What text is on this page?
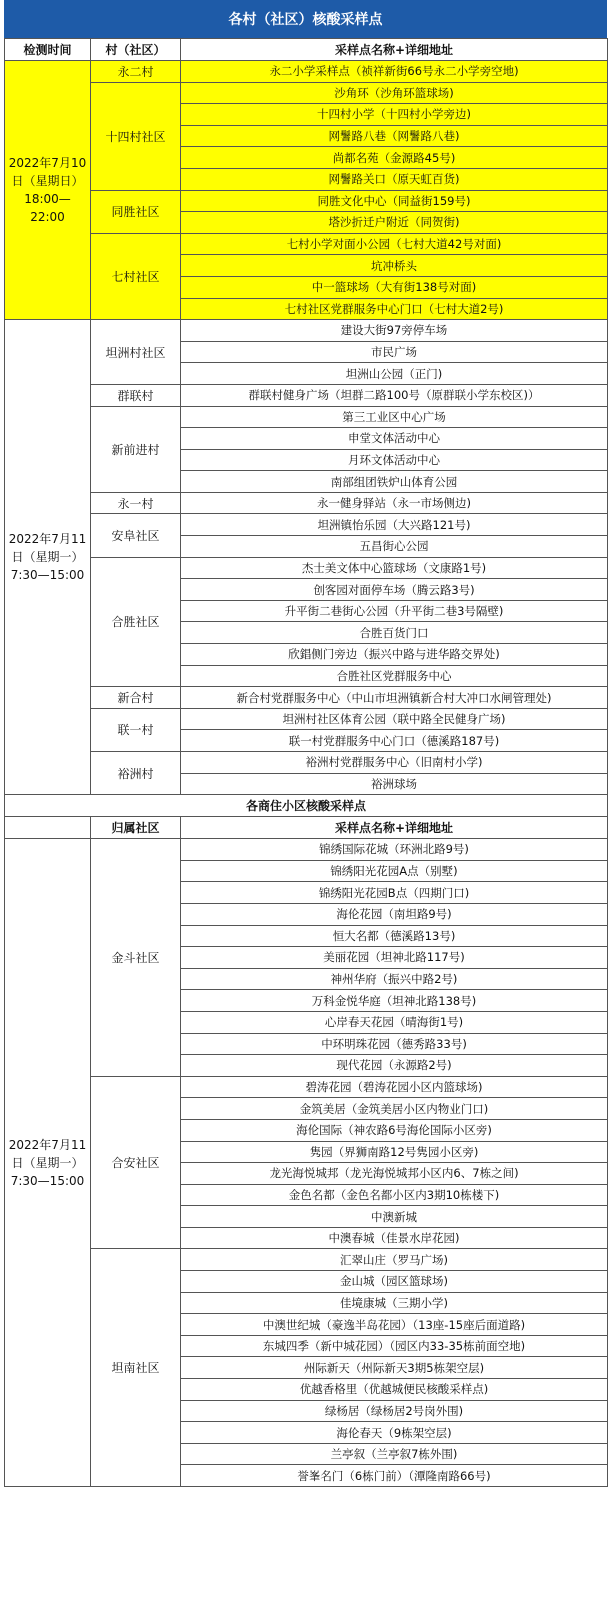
各村（社区）核酸采样点
检测时间	村（社区）	采样点名称+详细地址
2022年7月10日（星期日）18:00—22:00	永二村	永二小学采样点（祯祥新街66号永二小学旁空地)
	十四村社区	沙角环（沙角环篮球场)
		十四村小学（十四村小学旁边)
		网鬐路八巷（网鬐路八巷)
		尚都名苑（金源路45号)
		网鬐路关口（原天虹百货)
	同胜社区	同胜文化中心（同益街159号)
		塔沙折迁户附近（同贺街)
	七村社区	七村小学对面小公园（七村大道42号对面)
		坑冲桥头
		中一篮球场（大有街138号对面)
		七村社区党群服务中心门口（七村大道2号)
2022年7月11日（星期一）7:30—15:00	坦洲村社区	建设大街97旁停车场
		市民广场
		坦洲山公园（正门)
	群联村	群联村健身广场（坦群二路100号（原群联小学东校区)）
	新前进村	第三工业区中心广场
		申堂文体活动中心
		月环文体活动中心
		南部组团铁炉山体育公园
	永一村	永一健身驿站（永一市场侧边)
	安阜社区	坦洲镇怡乐园（大兴路121号)
		五昌街心公园
	合胜社区	杰士美文体中心篮球场（文康路1号)
		创客园对面停车场（腾云路3号)
		升平街二巷街心公园（升平街二巷3号隔壁)
		合胜百货门口
		欣錩侧门旁边（振兴中路与进华路交界处)
		合胜社区党群服务中心
	新合村	新合村党群服务中心（中山市坦洲镇新合村大冲口水闸管理处)
	联一村	坦洲村社区体育公园（联中路全民健身广场)
		联一村党群服务中心门口（德溪路187号)
	裕洲村	裕洲村党群服务中心（旧南村小学)
		裕洲球场
各商住小区核酸采样点		
	归属社区	采样点名称+详细地址
2022年7月11日（星期一）7:30—15:00	金斗社区	锦绣国际花城（环洲北路9号)
		锦绣阳光花园A点（别墅)
		锦绣阳光花园B点（四期门口)
		海伦花园（南坦路9号)
		恒大名都（德溪路13号)
		美丽花园（坦神北路117号)
		神州华府（振兴中路2号)
		万科金悦华庭（坦神北路138号)
		心岸春天花园（晴海街1号)
		中环明珠花园（德秀路33号)
		现代花园（永源路2号)
	合安社区	碧涛花园（碧涛花园小区内篮球场)
		金筑美居（金筑美居小区内物业门口)
		海伦国际（神农路6号海伦国际小区旁)
		隽园（界狮南路12号隽园小区旁)
		龙光海悦城邦（龙光海悦城邦小区内6、7栋之间)
		金色名都（金色名都小区内3期10栋楼下)
		中澳新城
		中澳春城（佳景水岸花园)
	坦南社区	汇翠山庄（罗马广场)
		金山城（园区篮球场)
		佳境康城（三期小学)
		中澳世纪城（豪逸半岛花园）（13座-15座后面道路)
		东城四季（新中城花园）（园区内33-35栋前面空地)
		州际新天（州际新天3期5栋架空层)
		优越香格里（优越城便民核酸采样点)
		绿杨居（绿杨居2号岗外围)
		海伦春天（9栋架空层)
		兰亭叙（兰亭叙7栋外围)
		誉峯名门（6栋门前）（潭隆南路66号)
